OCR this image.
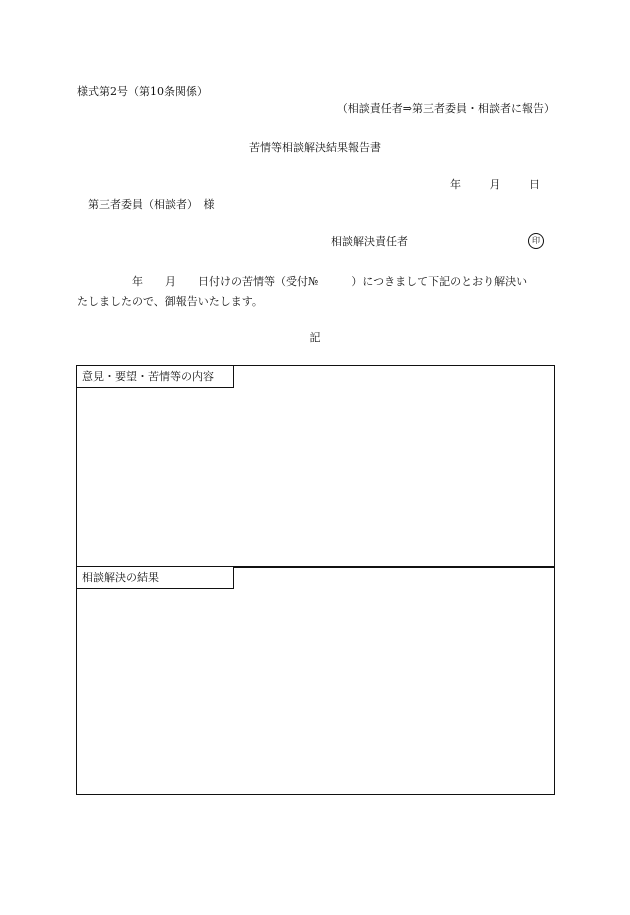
様式第2号（第10条関係）
（相談責任者⇒第三者委員・相談者に報告）
苦情等相談解決結果報告書
年	月	日
第三者委員（相談者）　様
相談解決責任者	印
　　　　　年　　月　　日付けの苦情等（受付№　　　）につきまして下記のとおり解決い
たしましたので、御報告いたします。
記
意見・要望・苦情等の内容
相談解決の結果
